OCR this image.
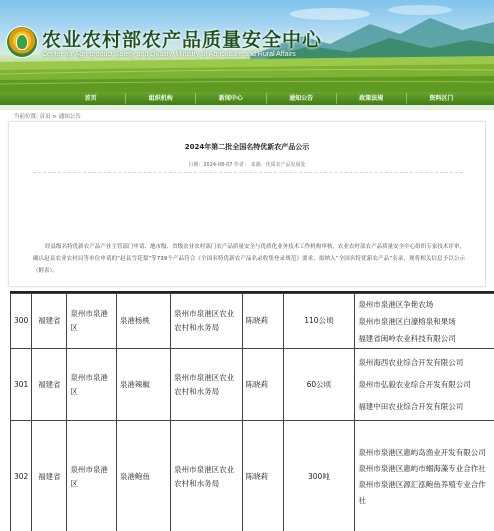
农业农村部农产品质量安全中心
Center for Agri-product Safety and Quality, Ministry of Agriculture and Rural Affairs
首页	组织机构	新闻中心	通知公告	政策法规	资料区门
当前位置: 首页 > 通知公告
2024年第二批全国名特优新农产品公示
日期：2024-08-07 作者： 来源：优质农产品发展处
经县级名特优新农产品产业主管部门申请、地市级、省级农业农村部门农产品质量安全与优质化业务技术工作机构审核，农业农村部农产品质量安全中心组织专家技术评审，确认赵县农业农村局等单位申请的“赵县雪花梨”等739个产品符合《全国名特优新农产品名录收集登录规范》要求，拟纳入“全国名特优新农产品”名录，现将相关信息予以公示（附表）。
300	福建省	泉州市泉港区	泉港杨桃	泉州市泉港区农业农村和水务局	陈晓莉	110公顷	泉州市泉港区争艳农场
泉州市泉港区白濠榕泉和果场
福建省闽岭农业科技有限公司

301	福建省	泉州市泉港区	泉港辣椒	泉州市泉港区农业农村和水务局	陈晓莉	60公顷	泉州海西农业综合开发有限公司
泉州市弘毅农业综合开发有限公司
福建中田农业综合开发有限公司

302	福建省	泉州市泉港区	泉港鲍鱼	泉州市泉港区农业农村和水务局	陈晓莉	300吨	泉州市泉港区惠屿岛渔业开发有限公司
泉州市泉港区惠屿市蝈海藻专业合作社
泉州市泉港区源汇泓鲍鱼养殖专业合作社
